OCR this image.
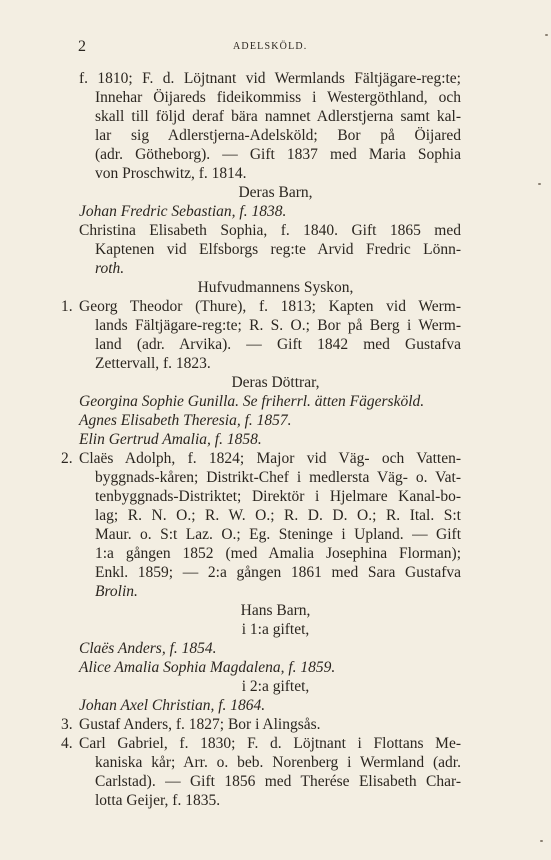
2	ADELSKÖLD.
f. 1810; F. d. Löjtnant vid Wermlands Fältjägare-reg:te;
Innehar Öijareds fideikommiss i Westergöthland, och
skall till följd deraf bära namnet Adlerstjerna samt kal-
lar sig Adlerstjerna-Adelsköld; Bor på Öijared
(adr. Götheborg). — Gift 1837 med Maria Sophia
von Proschwitz, f. 1814.
Deras Barn,
Johan Fredric Sebastian, f. 1838.
Christina Elisabeth Sophia, f. 1840. Gift 1865 med
Kaptenen vid Elfsborgs reg:te Arvid Fredric Lönn-
roth.
Hufvudmannens Syskon,
1. Georg Theodor (Thure), f. 1813; Kapten vid Werm-
lands Fältjägare-reg:te; R. S. O.; Bor på Berg i Werm-
land (adr. Arvika). — Gift 1842 med Gustafva
Zettervall, f. 1823.
Deras Döttrar,
Georgina Sophie Gunilla. Se friherrl. ätten Fägersköld.
Agnes Elisabeth Theresia, f. 1857.
Elin Gertrud Amalia, f. 1858.
2. Claës Adolph, f. 1824; Major vid Väg- och Vatten-
byggnads-kåren; Distrikt-Chef i medlersta Väg- o. Vat-
tenbyggnads-Distriktet; Direktör i Hjelmare Kanal-bo-
lag; R. N. O.; R. W. O.; R. D. D. O.; R. Ital. S:t
Maur. o. S:t Laz. O.; Eg. Steninge i Upland. — Gift
1:a gången 1852 (med Amalia Josephina Florman);
Enkl. 1859; — 2:a gången 1861 med Sara Gustafva
Brolin.
Hans Barn,
i 1:a giftet,
Claës Anders, f. 1854.
Alice Amalia Sophia Magdalena, f. 1859.
i 2:a giftet,
Johan Axel Christian, f. 1864.
3. Gustaf Anders, f. 1827; Bor i Alingsås.
4. Carl Gabriel, f. 1830; F. d. Löjtnant i Flottans Me-
kaniska kår; Arr. o. beb. Norenberg i Wermland (adr.
Carlstad). — Gift 1856 med Therése Elisabeth Char-
lotta Geijer, f. 1835.
